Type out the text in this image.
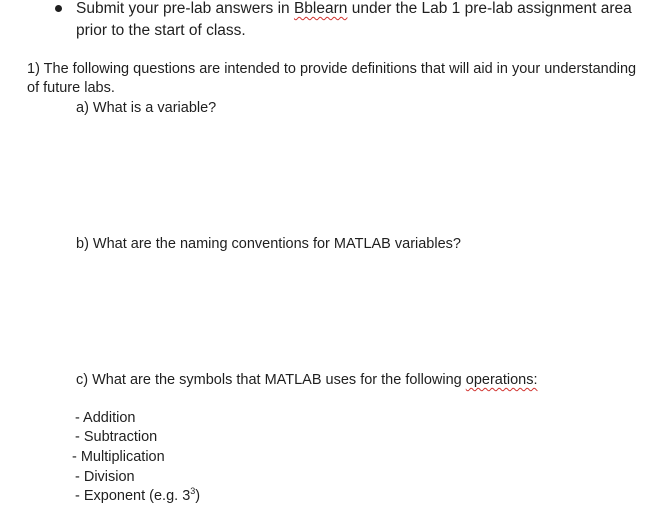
Submit your pre-lab answers in Bblearn under the Lab 1 pre-lab assignment area
prior to the start of class.
1) The following questions are intended to provide definitions that will aid in your understanding
of future labs.
a) What is a variable?
b) What are the naming conventions for MATLAB variables?
c) What are the symbols that MATLAB uses for the following operations:
- Addition
- Subtraction
- Multiplication
- Division
- Exponent (e.g. $3^3$)
